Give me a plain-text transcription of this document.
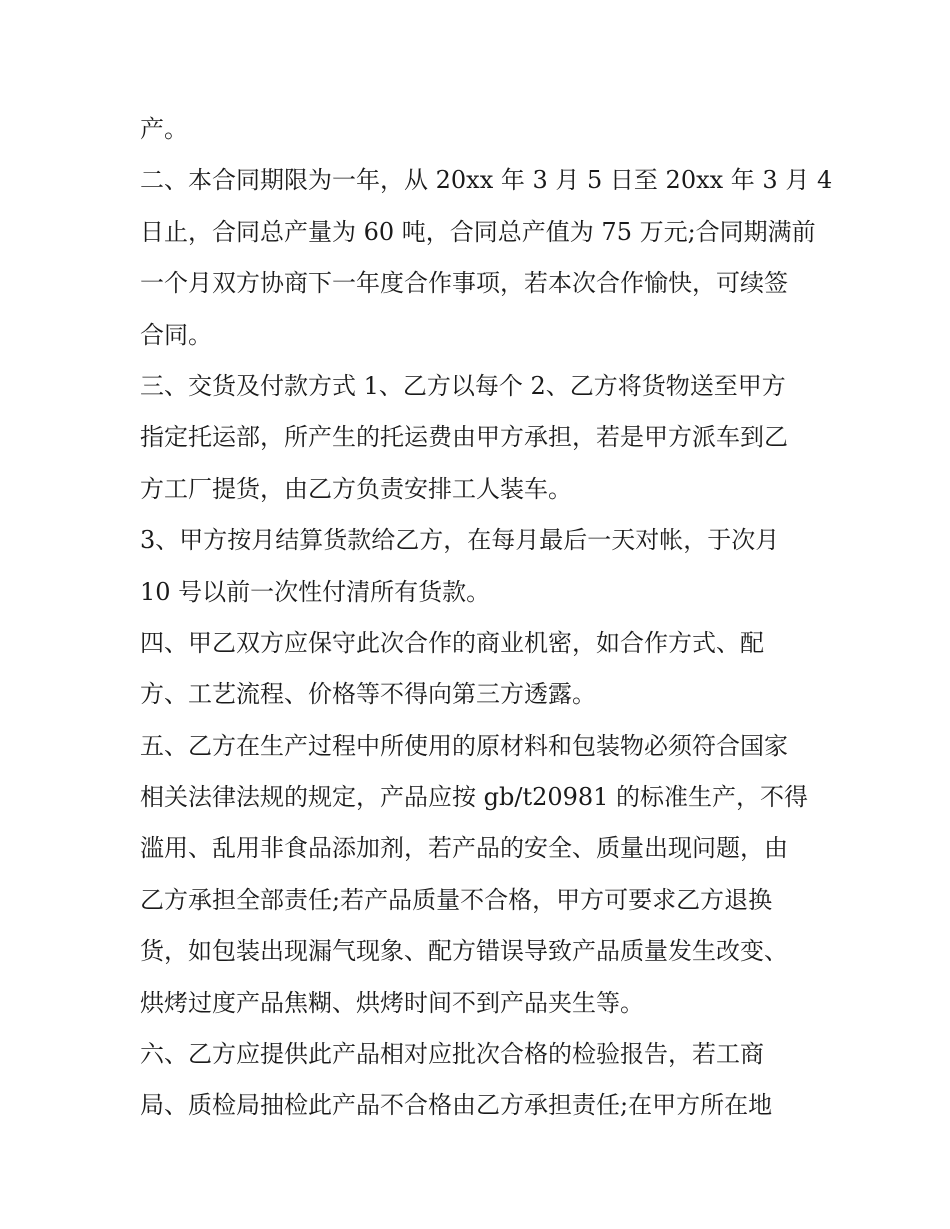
产。
二、本合同期限为一年，从 20xx 年 3 月 5 日至 20xx 年 3 月 4
日止，合同总产量为 60 吨，合同总产值为 75 万元;合同期满前
一个月双方协商下一年度合作事项，若本次合作愉快，可续签
合同。
三、交货及付款方式 1、乙方以每个 2、乙方将货物送至甲方
指定托运部，所产生的托运费由甲方承担，若是甲方派车到乙
方工厂提货，由乙方负责安排工人装车。
3、甲方按月结算货款给乙方，在每月最后一天对帐，于次月
10 号以前一次性付清所有货款。
四、甲乙双方应保守此次合作的商业机密，如合作方式、配
方、工艺流程、价格等不得向第三方透露。
五、乙方在生产过程中所使用的原材料和包装物必须符合国家
相关法律法规的规定，产品应按 gb/t20981 的标准生产，不得
滥用、乱用非食品添加剂，若产品的安全、质量出现问题，由
乙方承担全部责任;若产品质量不合格，甲方可要求乙方退换
货，如包装出现漏气现象、配方错误导致产品质量发生改变、
烘烤过度产品焦糊、烘烤时间不到产品夹生等。
六、乙方应提供此产品相对应批次合格的检验报告，若工商
局、质检局抽检此产品不合格由乙方承担责任;在甲方所在地
